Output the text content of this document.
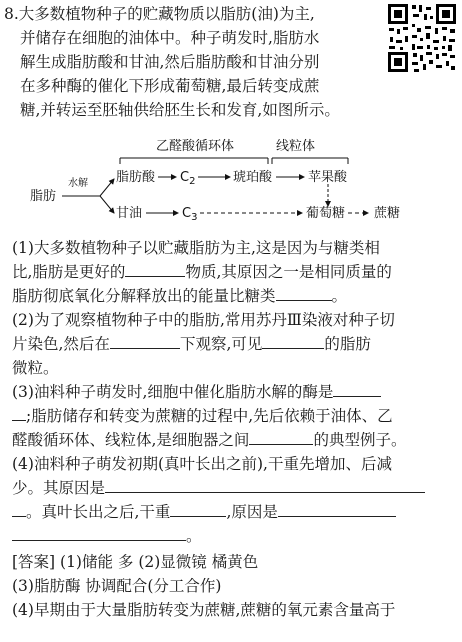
8.大多数植物种子的贮藏物质以脂肪(油)为主,
并储存在细胞的油体中。种子萌发时,脂肪水
解生成脂肪酸和甘油,然后脂肪酸和甘油分别
在多种酶的催化下形成葡萄糖,最后转变成蔗
糖,并转运至胚轴供给胚生长和发育,如图所示。
乙醛酸循环体	线粒体
脂肪
水解 脂肪酸 $C_2$	琥珀酸	苹果酸
甘油	$C_3$	葡萄糖 蔗糖
(1)大多数植物种子以贮藏脂肪为主,这是因为与糖类相
比,脂肪是更好的	物质,其原因之一是相同质量的
脂肪彻底氧化分解释放出的能量比糖类	。
(2)为了观察植物种子中的脂肪,常用苏丹Ⅲ染液对种子切
片染色,然后在	下观察,可见	的脂肪
微粒。
(3)油料种子萌发时,细胞中催化脂肪水解的酶是
;脂肪储存和转变为蔗糖的过程中,先后依赖于油体、乙
醛酸循环体、线粒体,是细胞器之间	的典型例子。
(4)油料种子萌发初期(真叶长出之前),干重先增加、后减
少。其原因是
。真叶长出之后,干重	,原因是
。
[答案] (1)储能 多 (2)显微镜 橘黄色
(3)脂肪酶 协调配合(分工合作)
(4)早期由于大量脂肪转变为蔗糖,蔗糖的氧元素含量高于
